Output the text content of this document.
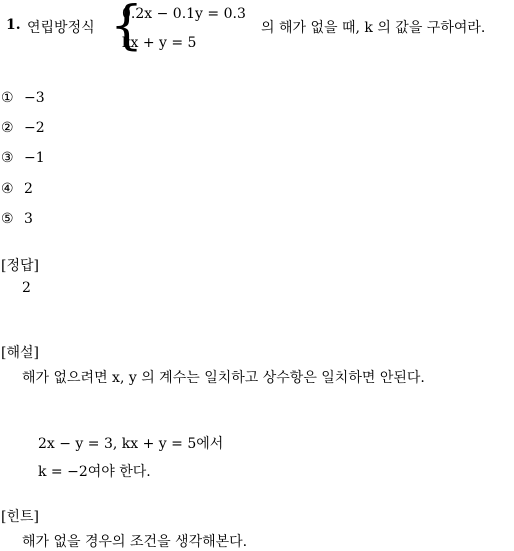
1. 연립방정식 {
0.2x − 0.1y = 0.3
kx + y = 5
의 해가 없을 때, k 의 값을 구하여라.
① −3
② −2
③ −1
④ 2
⑤ 3
[정답]
2
[해설]
해가 없으려면 x, y 의 계수는 일치하고 상수항은 일치하면 안된다.
2x − y = 3, kx + y = 5에서
k = −2여야 한다.
[힌트]
해가 없을 경우의 조건을 생각해본다.
